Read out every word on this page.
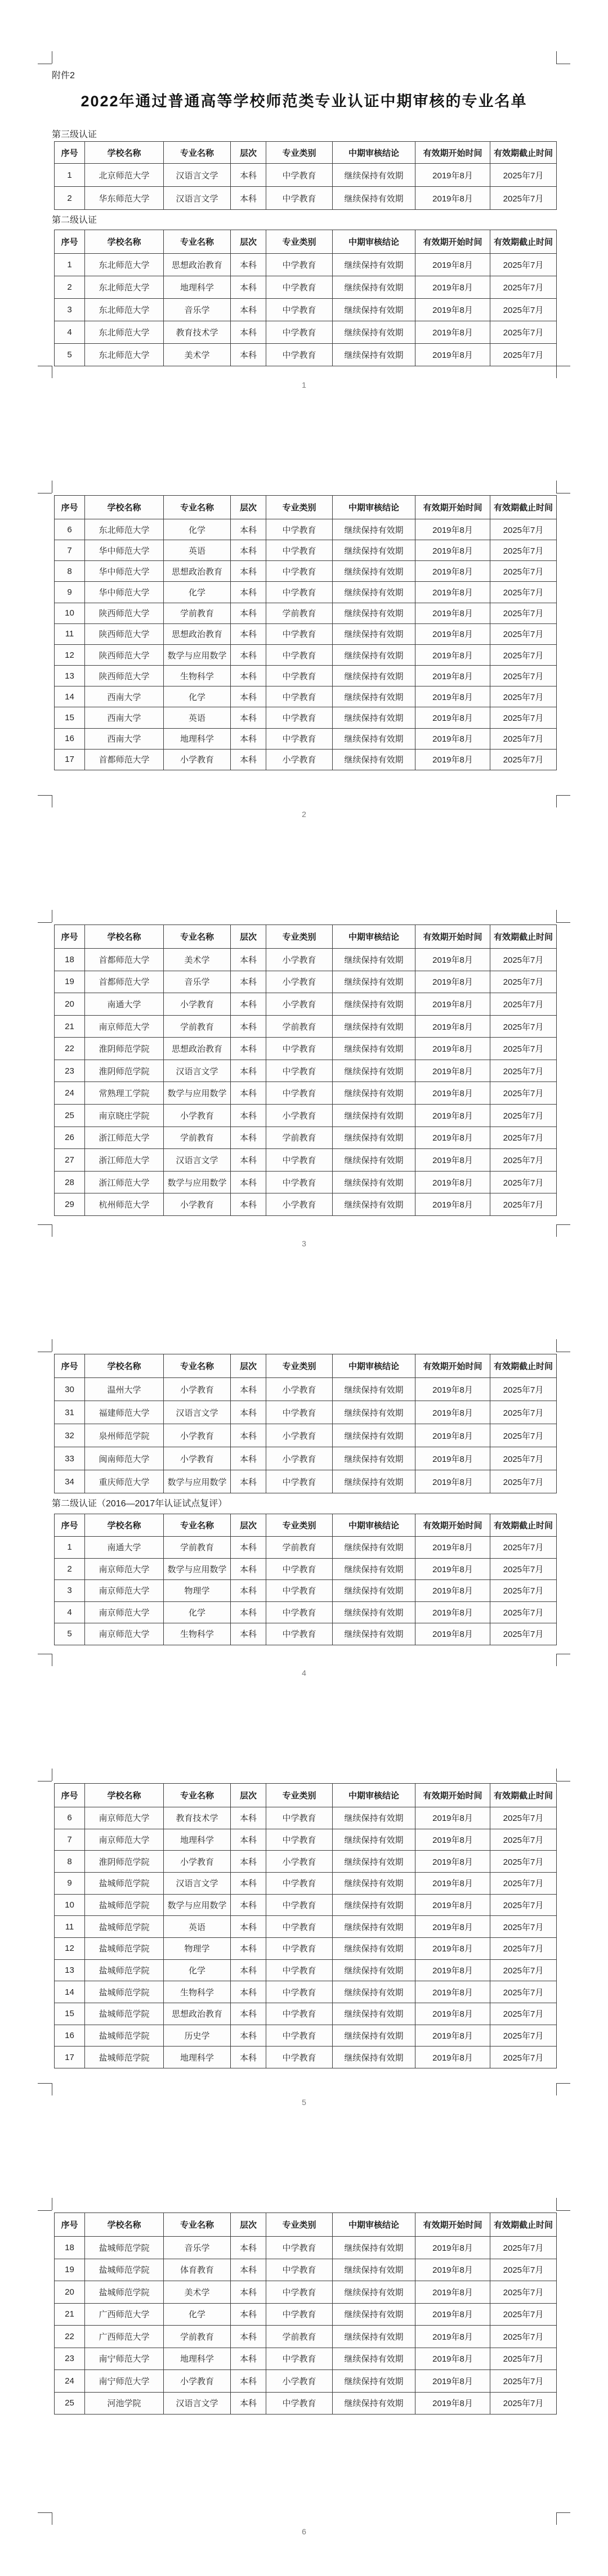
附件2
2022年通过普通高等学校师范类专业认证中期审核的专业名单
第三级认证
序号	学校名称	专业名称	层次	专业类别	中期审核结论	有效期开始时间	有效期截止时间
1	北京师范大学	汉语言文学	本科	中学教育	继续保持有效期	2019年8月	2025年7月
2	华东师范大学	汉语言文学	本科	中学教育	继续保持有效期	2019年8月	2025年7月
第二级认证
序号	学校名称	专业名称	层次	专业类别	中期审核结论	有效期开始时间	有效期截止时间
1	东北师范大学	思想政治教育	本科	中学教育	继续保持有效期	2019年8月	2025年7月
2	东北师范大学	地理科学	本科	中学教育	继续保持有效期	2019年8月	2025年7月
3	东北师范大学	音乐学	本科	中学教育	继续保持有效期	2019年8月	2025年7月
4	东北师范大学	教育技术学	本科	中学教育	继续保持有效期	2019年8月	2025年7月
5	东北师范大学	美术学	本科	中学教育	继续保持有效期	2019年8月	2025年7月
序号	学校名称	专业名称	层次	专业类别	中期审核结论	有效期开始时间	有效期截止时间
6	东北师范大学	化学	本科	中学教育	继续保持有效期	2019年8月	2025年7月
7	华中师范大学	英语	本科	中学教育	继续保持有效期	2019年8月	2025年7月
8	华中师范大学	思想政治教育	本科	中学教育	继续保持有效期	2019年8月	2025年7月
9	华中师范大学	化学	本科	中学教育	继续保持有效期	2019年8月	2025年7月
10	陕西师范大学	学前教育	本科	学前教育	继续保持有效期	2019年8月	2025年7月
11	陕西师范大学	思想政治教育	本科	中学教育	继续保持有效期	2019年8月	2025年7月
12	陕西师范大学	数学与应用数学	本科	中学教育	继续保持有效期	2019年8月	2025年7月
13	陕西师范大学	生物科学	本科	中学教育	继续保持有效期	2019年8月	2025年7月
14	西南大学	化学	本科	中学教育	继续保持有效期	2019年8月	2025年7月
15	西南大学	英语	本科	中学教育	继续保持有效期	2019年8月	2025年7月
16	西南大学	地理科学	本科	中学教育	继续保持有效期	2019年8月	2025年7月
17	首都师范大学	小学教育	本科	小学教育	继续保持有效期	2019年8月	2025年7月
序号	学校名称	专业名称	层次	专业类别	中期审核结论	有效期开始时间	有效期截止时间
18	首都师范大学	美术学	本科	小学教育	继续保持有效期	2019年8月	2025年7月
19	首都师范大学	音乐学	本科	小学教育	继续保持有效期	2019年8月	2025年7月
20	南通大学	小学教育	本科	小学教育	继续保持有效期	2019年8月	2025年7月
21	南京师范大学	学前教育	本科	学前教育	继续保持有效期	2019年8月	2025年7月
22	淮阴师范学院	思想政治教育	本科	中学教育	继续保持有效期	2019年8月	2025年7月
23	淮阴师范学院	汉语言文学	本科	中学教育	继续保持有效期	2019年8月	2025年7月
24	常熟理工学院	数学与应用数学	本科	中学教育	继续保持有效期	2019年8月	2025年7月
25	南京晓庄学院	小学教育	本科	小学教育	继续保持有效期	2019年8月	2025年7月
26	浙江师范大学	学前教育	本科	学前教育	继续保持有效期	2019年8月	2025年7月
27	浙江师范大学	汉语言文学	本科	中学教育	继续保持有效期	2019年8月	2025年7月
28	浙江师范大学	数学与应用数学	本科	中学教育	继续保持有效期	2019年8月	2025年7月
29	杭州师范大学	小学教育	本科	小学教育	继续保持有效期	2019年8月	2025年7月
序号	学校名称	专业名称	层次	专业类别	中期审核结论	有效期开始时间	有效期截止时间
30	温州大学	小学教育	本科	小学教育	继续保持有效期	2019年8月	2025年7月
31	福建师范大学	汉语言文学	本科	中学教育	继续保持有效期	2019年8月	2025年7月
32	泉州师范学院	小学教育	本科	小学教育	继续保持有效期	2019年8月	2025年7月
33	闽南师范大学	小学教育	本科	小学教育	继续保持有效期	2019年8月	2025年7月
34	重庆师范大学	数学与应用数学	本科	中学教育	继续保持有效期	2019年8月	2025年7月
第二级认证（2016—2017年认证试点复评）
序号	学校名称	专业名称	层次	专业类别	中期审核结论	有效期开始时间	有效期截止时间
1	南通大学	学前教育	本科	学前教育	继续保持有效期	2019年8月	2025年7月
2	南京师范大学	数学与应用数学	本科	中学教育	继续保持有效期	2019年8月	2025年7月
3	南京师范大学	物理学	本科	中学教育	继续保持有效期	2019年8月	2025年7月
4	南京师范大学	化学	本科	中学教育	继续保持有效期	2019年8月	2025年7月
5	南京师范大学	生物科学	本科	中学教育	继续保持有效期	2019年8月	2025年7月
序号	学校名称	专业名称	层次	专业类别	中期审核结论	有效期开始时间	有效期截止时间
6	南京师范大学	教育技术学	本科	中学教育	继续保持有效期	2019年8月	2025年7月
7	南京师范大学	地理科学	本科	中学教育	继续保持有效期	2019年8月	2025年7月
8	淮阴师范学院	小学教育	本科	小学教育	继续保持有效期	2019年8月	2025年7月
9	盐城师范学院	汉语言文学	本科	中学教育	继续保持有效期	2019年8月	2025年7月
10	盐城师范学院	数学与应用数学	本科	中学教育	继续保持有效期	2019年8月	2025年7月
11	盐城师范学院	英语	本科	中学教育	继续保持有效期	2019年8月	2025年7月
12	盐城师范学院	物理学	本科	中学教育	继续保持有效期	2019年8月	2025年7月
13	盐城师范学院	化学	本科	中学教育	继续保持有效期	2019年8月	2025年7月
14	盐城师范学院	生物科学	本科	中学教育	继续保持有效期	2019年8月	2025年7月
15	盐城师范学院	思想政治教育	本科	中学教育	继续保持有效期	2019年8月	2025年7月
16	盐城师范学院	历史学	本科	中学教育	继续保持有效期	2019年8月	2025年7月
17	盐城师范学院	地理科学	本科	中学教育	继续保持有效期	2019年8月	2025年7月
序号	学校名称	专业名称	层次	专业类别	中期审核结论	有效期开始时间	有效期截止时间
18	盐城师范学院	音乐学	本科	中学教育	继续保持有效期	2019年8月	2025年7月
19	盐城师范学院	体育教育	本科	中学教育	继续保持有效期	2019年8月	2025年7月
20	盐城师范学院	美术学	本科	中学教育	继续保持有效期	2019年8月	2025年7月
21	广西师范大学	化学	本科	中学教育	继续保持有效期	2019年8月	2025年7月
22	广西师范大学	学前教育	本科	学前教育	继续保持有效期	2019年8月	2025年7月
23	南宁师范大学	地理科学	本科	中学教育	继续保持有效期	2019年8月	2025年7月
24	南宁师范大学	小学教育	本科	小学教育	继续保持有效期	2019年8月	2025年7月
25	河池学院	汉语言文学	本科	中学教育	继续保持有效期	2019年8月	2025年7月
1
2
3
4
5
6
